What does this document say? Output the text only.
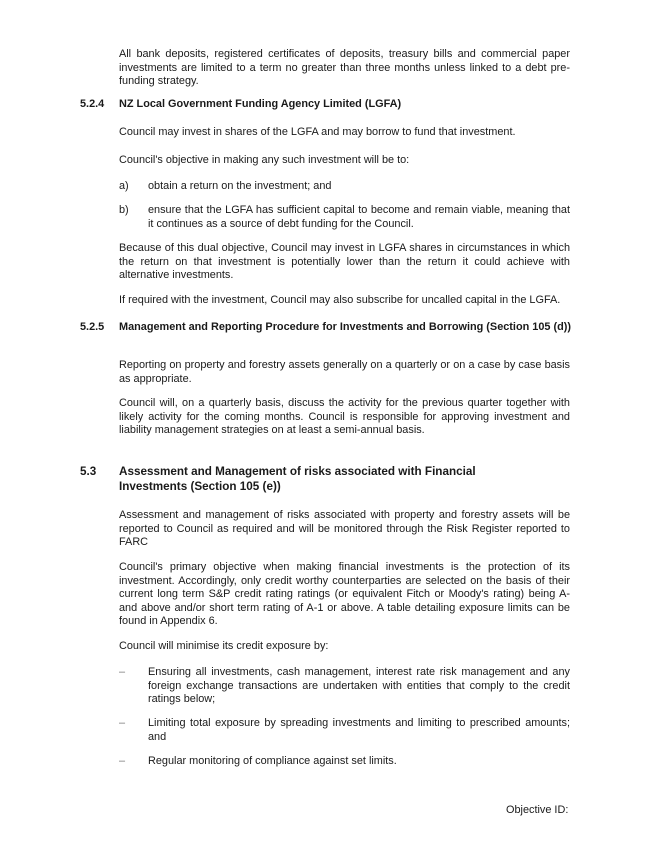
All bank deposits, registered certificates of deposits, treasury bills and commercial paper investments are limited to a term no greater than three months unless linked to a debt pre-funding strategy.

5.2.4 NZ Local Government Funding Agency Limited (LGFA)

Council may invest in shares of the LGFA and may borrow to fund that investment.

Council's objective in making any such investment will be to:

a) obtain a return on the investment; and
b) ensure that the LGFA has sufficient capital to become and remain viable, meaning that it continues as a source of debt funding for the Council.

Because of this dual objective, Council may invest in LGFA shares in circumstances in which the return on that investment is potentially lower than the return it could achieve with alternative investments.

If required with the investment, Council may also subscribe for uncalled capital in the LGFA.

5.2.5 Management and Reporting Procedure for Investments and Borrowing (Section 105 (d))

Reporting on property and forestry assets generally on a quarterly or on a case by case basis as appropriate.

Council will, on a quarterly basis, discuss the activity for the previous quarter together with likely activity for the coming months. Council is responsible for approving investment and liability management strategies on at least a semi-annual basis.

5.3 Assessment and Management of risks associated with Financial Investments (Section 105 (e))

Assessment and management of risks associated with property and forestry assets will be reported to Council as required and will be monitored through the Risk Register reported to FARC

Council's primary objective when making financial investments is the protection of its investment. Accordingly, only credit worthy counterparties are selected on the basis of their current long term S&P credit rating ratings (or equivalent Fitch or Moody's rating) being A- and above and/or short term rating of A-1 or above. A table detailing exposure limits can be found in Appendix 6.

Council will minimise its credit exposure by:

– Ensuring all investments, cash management, interest rate risk management and any foreign exchange transactions are undertaken with entities that comply to the credit ratings below;
– Limiting total exposure by spreading investments and limiting to prescribed amounts; and
– Regular monitoring of compliance against set limits.
Objective ID:
